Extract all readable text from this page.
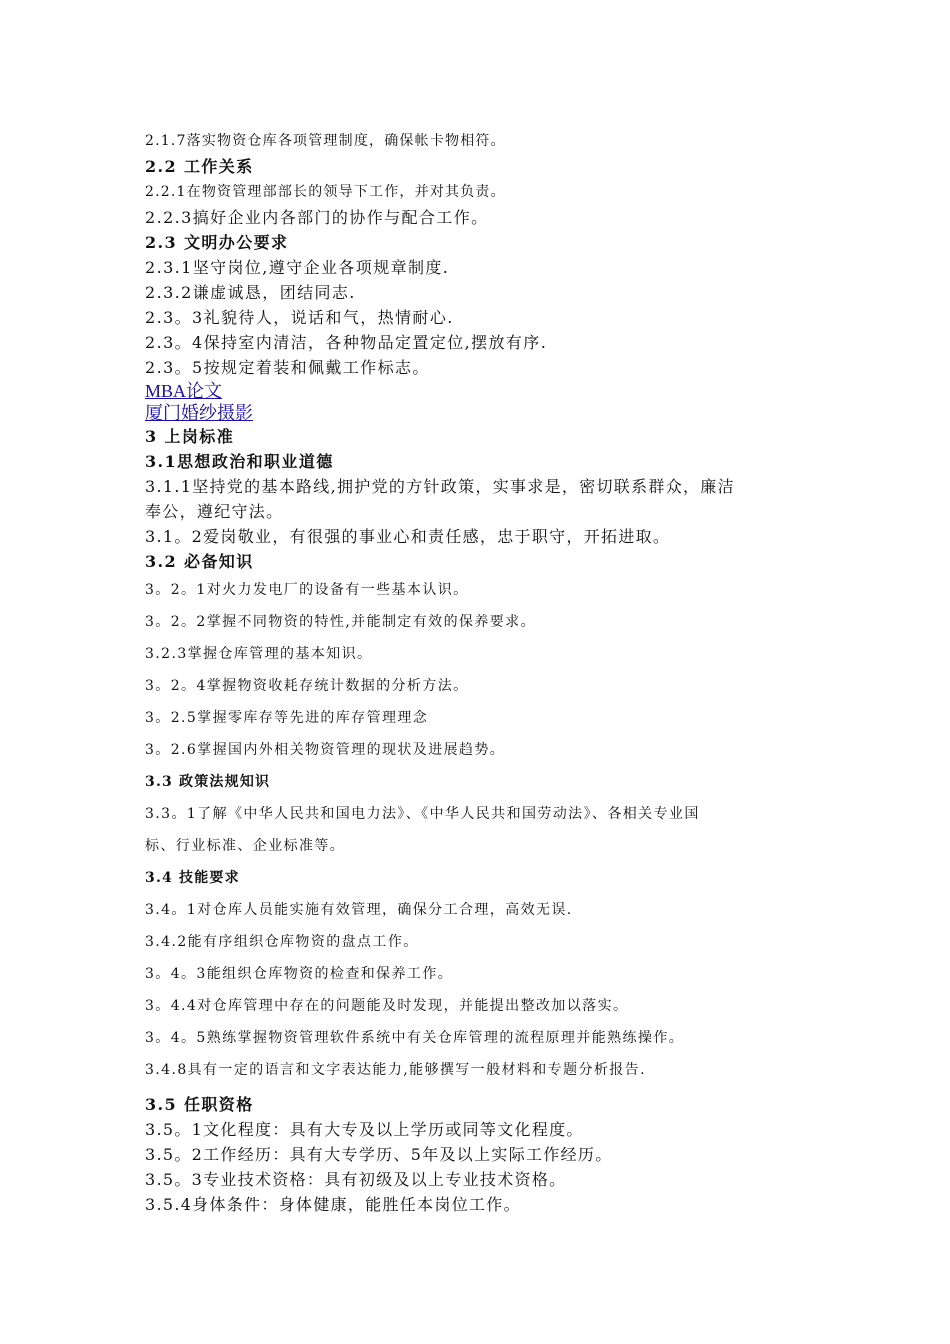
2.1.7落实物资仓库各项管理制度，确保帐卡物相符。
2.2 工作关系
2.2.1在物资管理部部长的领导下工作，并对其负责。
2.2.3搞好企业内各部门的协作与配合工作。
2.3 文明办公要求
2.3.1坚守岗位,遵守企业各项规章制度.
2.3.2谦虚诚恳，团结同志.
2.3。3礼貌待人，说话和气，热情耐心.
2.3。4保持室内清洁，各种物品定置定位,摆放有序.
2.3。5按规定着装和佩戴工作标志。
MBA论文
厦门婚纱摄影
3 上岗标准
3.1思想政治和职业道德
3.1.1坚持党的基本路线,拥护党的方针政策，实事求是，密切联系群众，廉洁
奉公，遵纪守法。
3.1。2爱岗敬业，有很强的事业心和责任感，忠于职守，开拓进取。
3.2 必备知识
3。2。1对火力发电厂的设备有一些基本认识。
3。2。2掌握不同物资的特性,并能制定有效的保养要求。
3.2.3掌握仓库管理的基本知识。
3。2。4掌握物资收耗存统计数据的分析方法。
3。2.5掌握零库存等先进的库存管理理念
3。2.6掌握国内外相关物资管理的现状及进展趋势。
3.3 政策法规知识
3.3。1了解《中华人民共和国电力法》、《中华人民共和国劳动法》、各相关专业国
标、行业标准、企业标准等。
3.4 技能要求
3.4。1对仓库人员能实施有效管理，确保分工合理，高效无误.
3.4.2能有序组织仓库物资的盘点工作。
3。4。3能组织仓库物资的检查和保养工作。
3。4.4对仓库管理中存在的问题能及时发现，并能提出整改加以落实。
3。4。5熟练掌握物资管理软件系统中有关仓库管理的流程原理并能熟练操作。
3.4.8具有一定的语言和文字表达能力,能够撰写一般材料和专题分析报告.
3.5 任职资格
3.5。1文化程度：具有大专及以上学历或同等文化程度。
3.5。2工作经历：具有大专学历、5年及以上实际工作经历。
3.5。3专业技术资格：具有初级及以上专业技术资格。
3.5.4身体条件：身体健康，能胜任本岗位工作。
